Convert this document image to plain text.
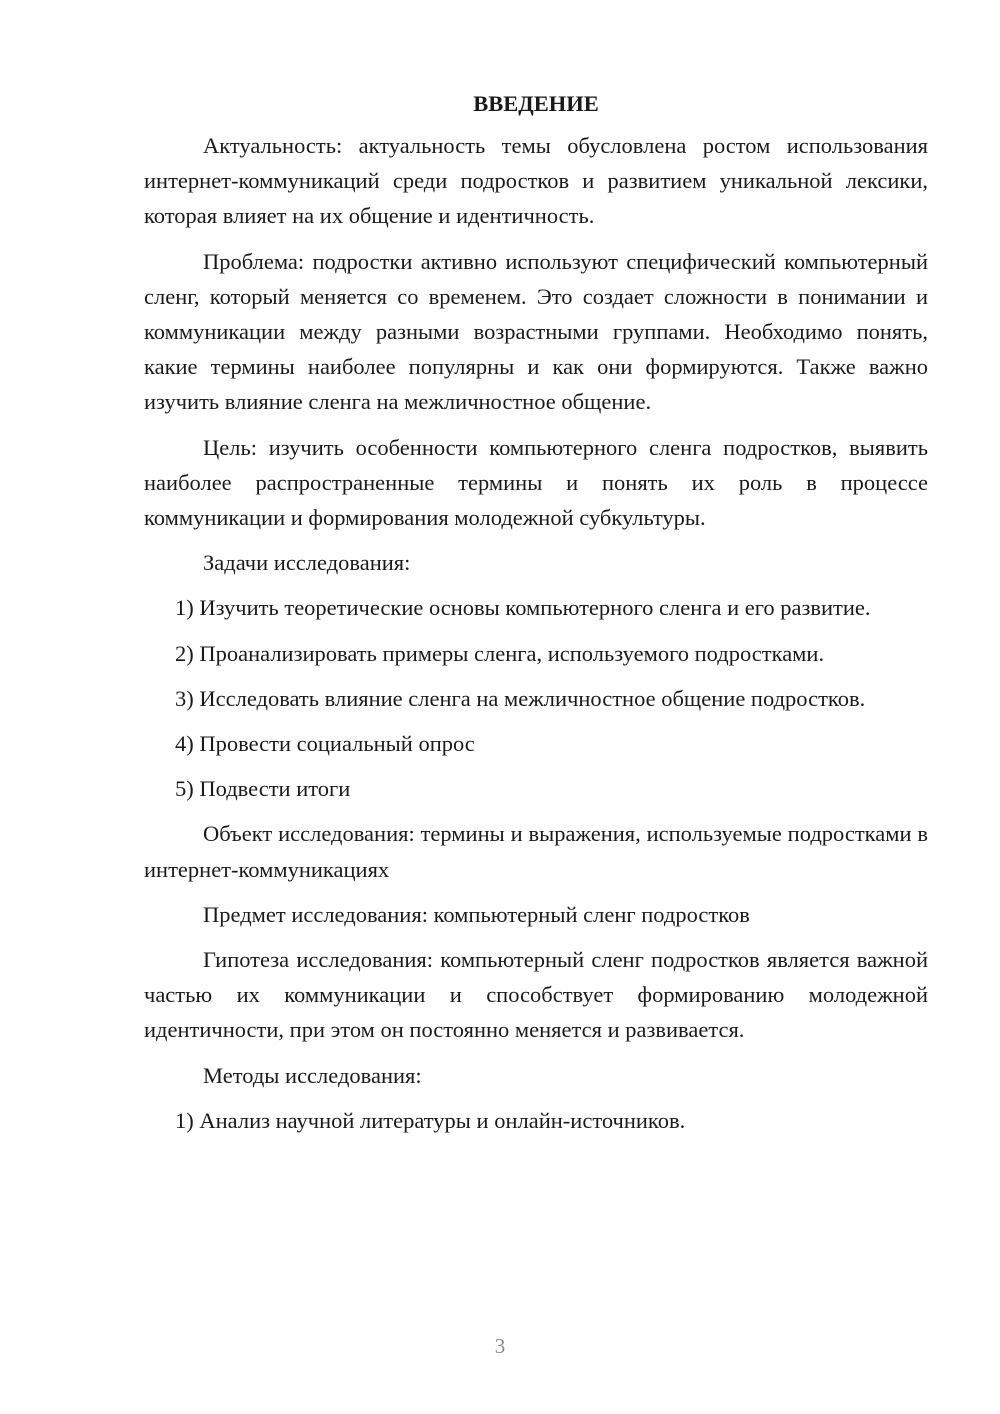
ВВЕДЕНИЕ

Актуальность: актуальность темы обусловлена ростом использования интернет-коммуникаций среди подростков и развитием уникальной лексики, которая влияет на их общение и идентичность.

Проблема: подростки активно используют специфический компьютерный сленг, который меняется со временем. Это создает сложности в понимании и коммуникации между разными возрастными группами. Необходимо понять, какие термины наиболее популярны и как они формируются. Также важно изучить влияние сленга на межличностное общение.

Цель: изучить особенности компьютерного сленга подростков, выявить наиболее распространенные термины и понять их роль в процессе коммуникации и формирования молодежной субкультуры.

Задачи исследования:

1) Изучить теоретические основы компьютерного сленга и его развитие.

2) Проанализировать примеры сленга, используемого подростками.

3) Исследовать влияние сленга на межличностное общение подростков.

4) Провести социальный опрос

5) Подвести итоги

Объект исследования: термины и выражения, используемые подростками в интернет-коммуникациях

Предмет исследования: компьютерный сленг подростков

Гипотеза исследования: компьютерный сленг подростков является важной частью их коммуникации и способствует формированию молодежной идентичности, при этом он постоянно меняется и развивается.

Методы исследования:

1) Анализ научной литературы и онлайн-источников.

3
